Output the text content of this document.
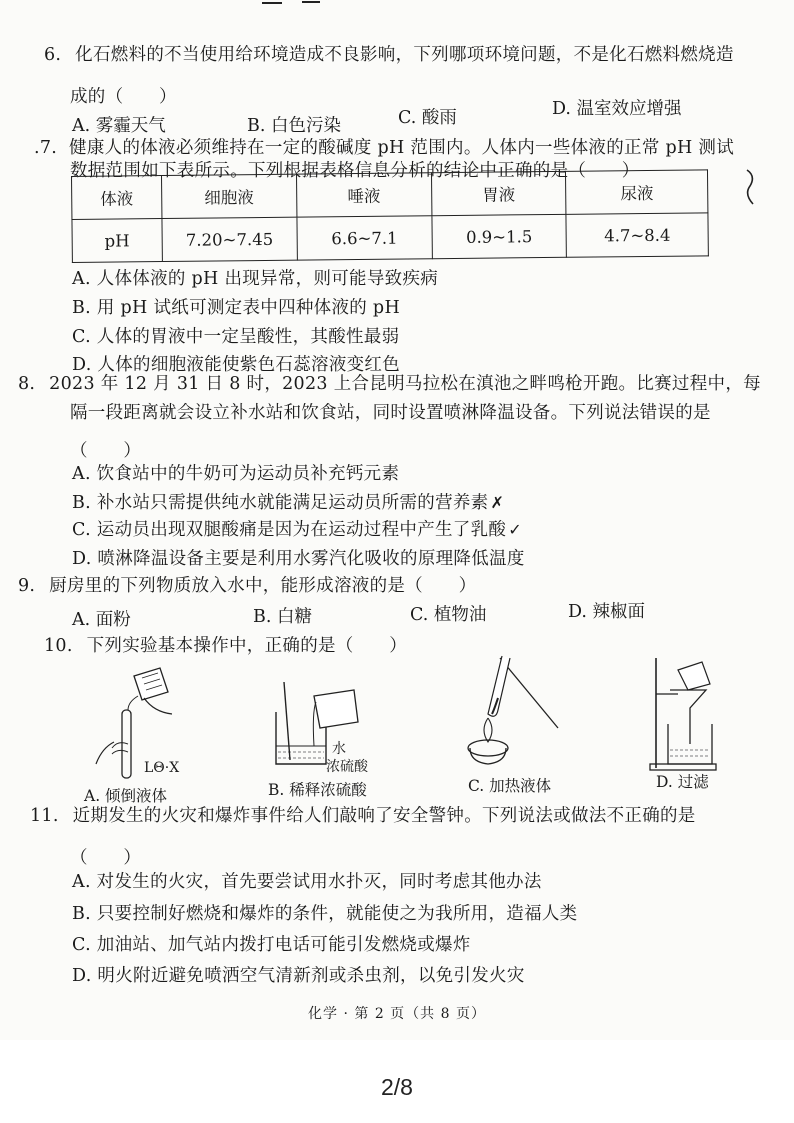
6. 化石燃料的不当使用给环境造成不良影响，下列哪项环境问题，不是化石燃料燃烧造
成的（　　）
A. 雾霾天气	B. 白色污染	C. 酸雨	D. 温室效应增强
.7. 健康人的体液必须维持在一定的酸碱度 pH 范围内。人体内一些体液的正常 pH 测试
数据范围如下表所示。下列根据表格信息分析的结论中正确的是（　　）
体液	细胞液	唾液	胃液	尿液
pH	7.20~7.45	6.6~7.1	0.9~1.5	4.7~8.4
A. 人体体液的 pH 出现异常，则可能导致疾病
B. 用 pH 试纸可测定表中四种体液的 pH
C. 人体的胃液中一定呈酸性，其酸性最弱
D. 人体的细胞液能使紫色石蕊溶液变红色
8. 2023 年 12 月 31 日 8 时，2023 上合昆明马拉松在滇池之畔鸣枪开跑。比赛过程中，每
隔一段距离就会设立补水站和饮食站，同时设置喷淋降温设备。下列说法错误的是
（　　）
A. 饮食站中的牛奶可为运动员补充钙元素
B. 补水站只需提供纯水就能满足运动员所需的营养素 ✗
C. 运动员出现双腿酸痛是因为在运动过程中产生了乳酸 ✓
D. 喷淋降温设备主要是利用水雾汽化吸收的原理降低温度
9. 厨房里的下列物质放入水中，能形成溶液的是（　　）
A. 面粉	B. 白糖	C. 植物油	D. 辣椒面
10. 下列实验基本操作中，正确的是（　　）
LΘ·X
A. 倾倒液体
水
浓硫酸
B. 稀释浓硫酸	C. 加热液体	D. 过滤
11. 近期发生的火灾和爆炸事件给人们敲响了安全警钟。下列说法或做法不正确的是
（　　）
A. 对发生的火灾，首先要尝试用水扑灭，同时考虑其他办法
B. 只要控制好燃烧和爆炸的条件，就能使之为我所用，造福人类
C. 加油站、加气站内拨打电话可能引发燃烧或爆炸
D. 明火附近避免喷洒空气清新剂或杀虫剂，以免引发火灾
化学 · 第 2 页（共 8 页）
2/8
